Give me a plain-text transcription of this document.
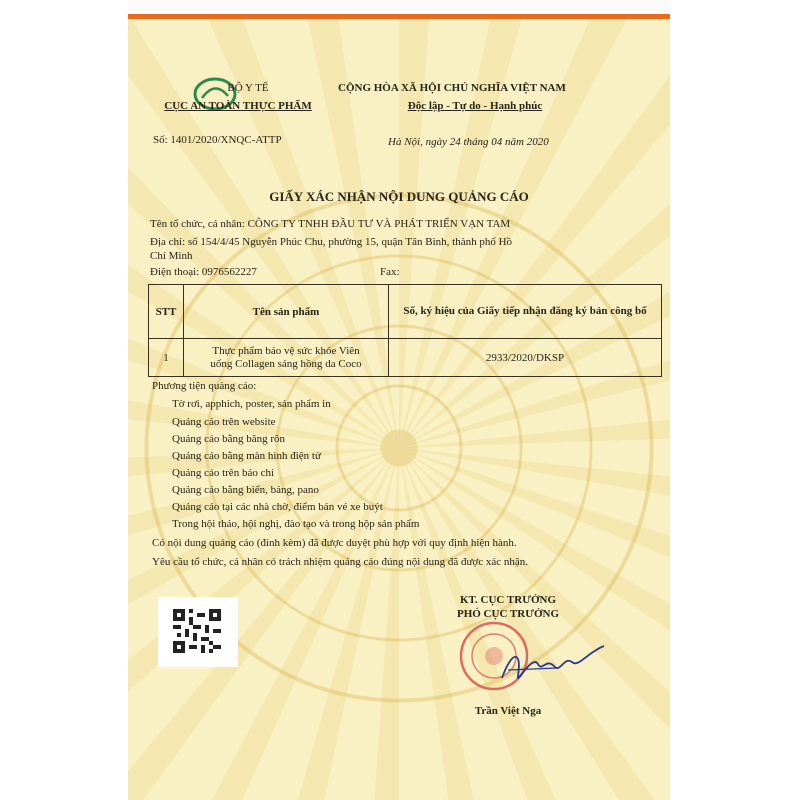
BỘ Y TẾ
CỤC AN TOÀN THỰC PHẨM
Số: 1401/2020/XNQC-ATTP
CỘNG HÒA XÃ HỘI CHỦ NGHĨA VIỆT NAM
Độc lập - Tự do - Hạnh phúc
Hà Nội, ngày 24 tháng 04 năm 2020
GIẤY XÁC NHẬN NỘI DUNG QUẢNG CÁO
Tên tổ chức, cá nhân: CÔNG TY TNHH ĐẦU TƯ VÀ PHÁT TRIỂN VẠN TAM
Địa chỉ: số 154/4/45 Nguyễn Phúc Chu, phường 15, quận Tân Bình, thành phố Hồ
Chí Minh
Điện thoại: 0976562227	Fax:
STT	Tên sản phẩm	Số, ký hiệu của Giấy tiếp nhận đăng ký bản công bố
1	Thực phẩm bảo vệ sức khỏe Viên
uống Collagen sáng hồng da Coco	2933/2020/DKSP
Phương tiện quảng cáo:
Tờ rơi, apphich, poster, sản phẩm in
Quảng cáo trên website
Quảng cáo bằng băng rôn
Quảng cáo bằng màn hình điện tử
Quảng cáo trên báo chí
Quảng cáo bằng biển, bảng, pano
Quảng cáo tại các nhà chờ, điểm bán vé xe buýt
Trong hội thảo, hội nghị, đào tạo và trong hộp sản phẩm
Có nội dung quảng cáo (đính kèm) đã được duyệt phù hợp với quy định hiện hành.
Yêu cầu tổ chức, cá nhân có trách nhiệm quảng cáo đúng nội dung đã được xác nhận.
KT. CỤC TRƯỞNG
PHÓ CỤC TRƯỞNG
Trần Việt Nga
